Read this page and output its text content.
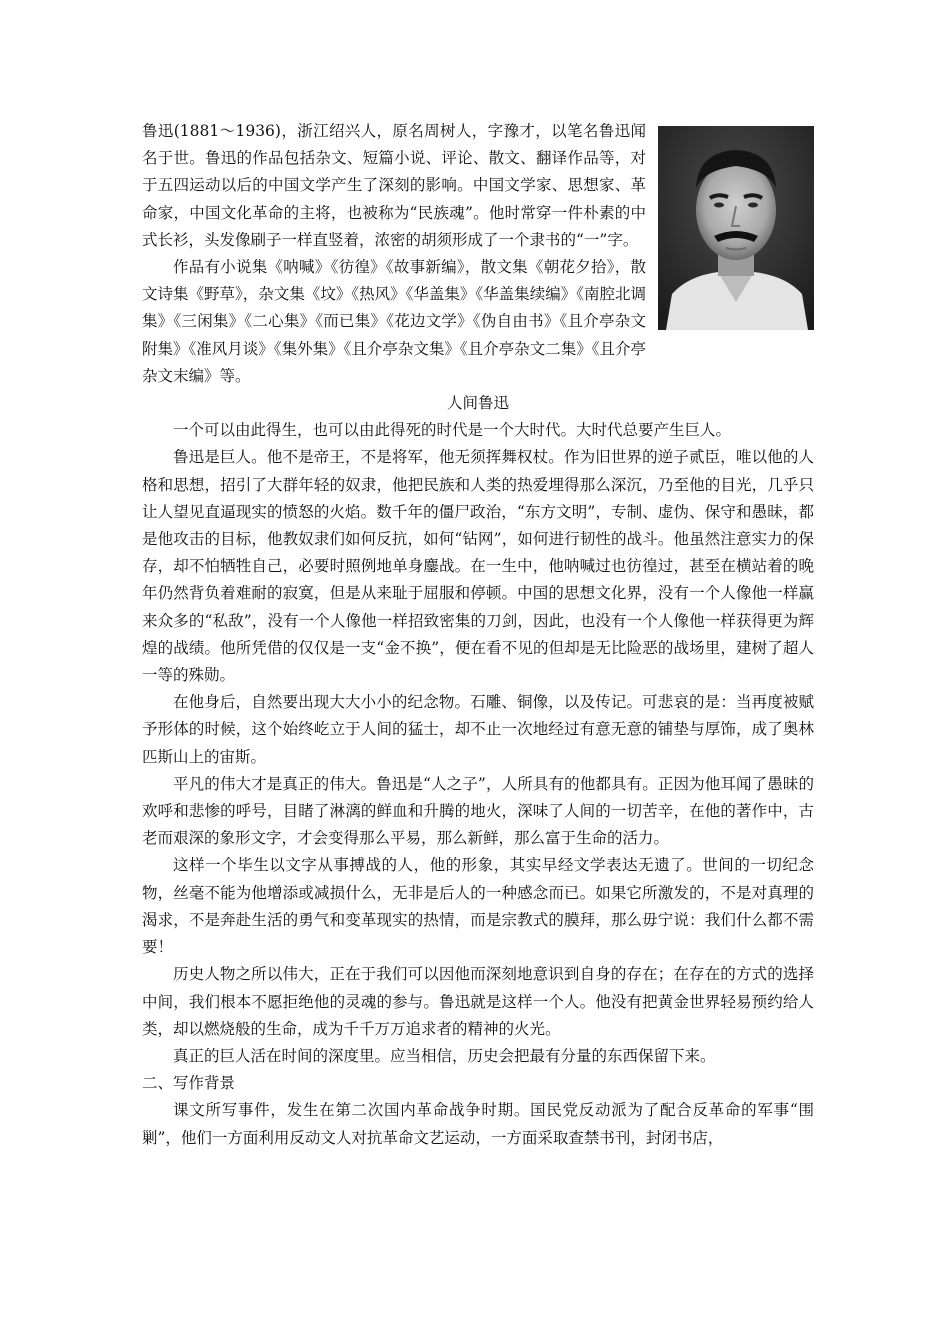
鲁迅(1881～1936)，浙江绍兴人，原名周树人，字豫才，以笔名鲁迅闻名于世。鲁迅的作品包括杂文、短篇小说、评论、散文、翻译作品等，对于五四运动以后的中国文学产生了深刻的影响。中国文学家、思想家、革命家，中国文化革命的主将，也被称为“民族魂”。他时常穿一件朴素的中式长衫，头发像刷子一样直竖着，浓密的胡须形成了一个隶书的“一”字。

作品有小说集《呐喊》《彷徨》《故事新编》，散文集《朝花夕拾》，散文诗集《野草》，杂文集《坟》《热风》《华盖集》《华盖集续编》《南腔北调集》《三闲集》《二心集》《而已集》《花边文学》《伪自由书》《且介亭杂文附集》《准风月谈》《集外集》《且介亭杂文集》《且介亭杂文二集》《且介亭杂文末编》等。

人间鲁迅

一个可以由此得生，也可以由此得死的时代是一个大时代。大时代总要产生巨人。

鲁迅是巨人。他不是帝王，不是将军，他无须挥舞权杖。作为旧世界的逆子贰臣，唯以他的人格和思想，招引了大群年轻的奴隶，他把民族和人类的热爱埋得那么深沉，乃至他的目光，几乎只让人望见直逼现实的愤怒的火焰。数千年的僵尸政治，“东方文明”，专制、虚伪、保守和愚昧，都是他攻击的目标，他教奴隶们如何反抗，如何“钻网”，如何进行韧性的战斗。他虽然注意实力的保存，却不怕牺牲自己，必要时照例地单身鏖战。在一生中，他呐喊过也彷徨过，甚至在横站着的晚年仍然背负着难耐的寂寞，但是从来耻于屈服和停顿。中国的思想文化界，没有一个人像他一样赢来众多的“私敌”，没有一个人像他一样招致密集的刀剑，因此，也没有一个人像他一样获得更为辉煌的战绩。他所凭借的仅仅是一支“金不换”，便在看不见的但却是无比险恶的战场里，建树了超人一等的殊勋。

在他身后，自然要出现大大小小的纪念物。石雕、铜像，以及传记。可悲哀的是：当再度被赋予形体的时候，这个始终屹立于人间的猛士，却不止一次地经过有意无意的铺垫与厚饰，成了奥林匹斯山上的宙斯。

平凡的伟大才是真正的伟大。鲁迅是“人之子”，人所具有的他都具有。正因为他耳闻了愚昧的欢呼和悲惨的呼号，目睹了淋漓的鲜血和升腾的地火，深味了人间的一切苦辛，在他的著作中，古老而艰深的象形文字，才会变得那么平易，那么新鲜，那么富于生命的活力。

这样一个毕生以文字从事搏战的人，他的形象，其实早经文学表达无遗了。世间的一切纪念物，丝毫不能为他增添或减损什么，无非是后人的一种感念而已。如果它所激发的，不是对真理的渴求，不是奔赴生活的勇气和变革现实的热情，而是宗教式的膜拜，那么毋宁说：我们什么都不需要！

历史人物之所以伟大，正在于我们可以因他而深刻地意识到自身的存在；在存在的方式的选择中间，我们根本不愿拒绝他的灵魂的参与。鲁迅就是这样一个人。他没有把黄金世界轻易预约给人类，却以燃烧般的生命，成为千千万万追求者的精神的火光。

真正的巨人活在时间的深度里。应当相信，历史会把最有分量的东西保留下来。

二、写作背景

课文所写事件，发生在第二次国内革命战争时期。国民党反动派为了配合反革命的军事“围剿”，他们一方面利用反动文人对抗革命文艺运动，一方面采取查禁书刊，封闭书店，
